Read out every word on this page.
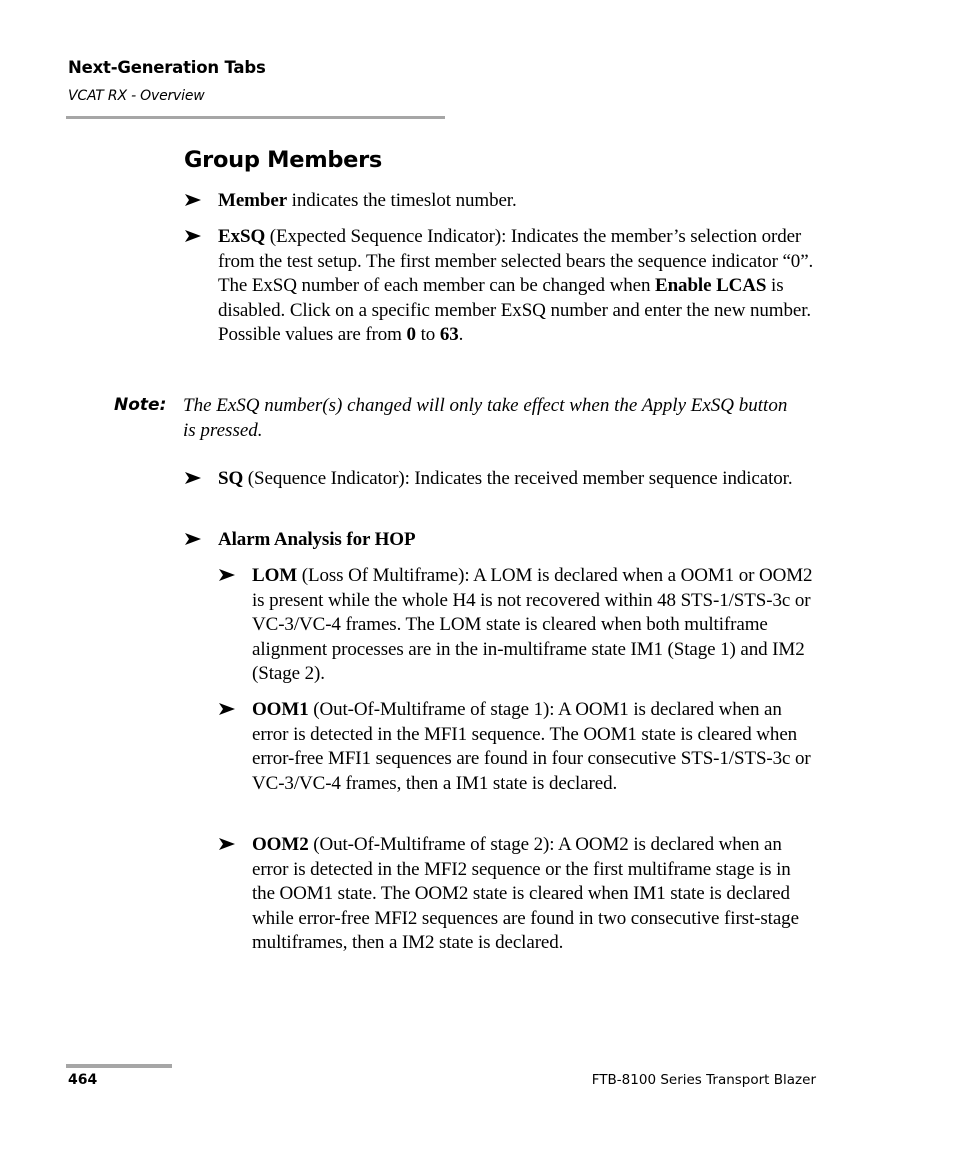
Next-Generation Tabs
VCAT RX - Overview
Group Members
Member indicates the timeslot number.
ExSQ (Expected Sequence Indicator): Indicates the member’s selection order from the test setup. The first member selected bears the sequence indicator “0”. The ExSQ number of each member can be changed when Enable LCAS is disabled. Click on a specific member ExSQ number and enter the new number. Possible values are from 0 to 63.
Note: The ExSQ number(s) changed will only take effect when the Apply ExSQ button is pressed.
SQ (Sequence Indicator): Indicates the received member sequence indicator.
Alarm Analysis for HOP
LOM (Loss Of Multiframe): A LOM is declared when a OOM1 or OOM2 is present while the whole H4 is not recovered within 48 STS-1/STS-3c or VC-3/VC-4 frames. The LOM state is cleared when both multiframe alignment processes are in the in-multiframe state IM1 (Stage 1) and IM2 (Stage 2).
OOM1 (Out-Of-Multiframe of stage 1): A OOM1 is declared when an error is detected in the MFI1 sequence. The OOM1 state is cleared when error-free MFI1 sequences are found in four consecutive STS-1/STS-3c or VC-3/VC-4 frames, then a IM1 state is declared.
OOM2 (Out-Of-Multiframe of stage 2): A OOM2 is declared when an error is detected in the MFI2 sequence or the first multiframe stage is in the OOM1 state. The OOM2 state is cleared when IM1 state is declared while error-free MFI2 sequences are found in two consecutive first-stage multiframes, then a IM2 state is declared.
464	FTB-8100 Series Transport Blazer
